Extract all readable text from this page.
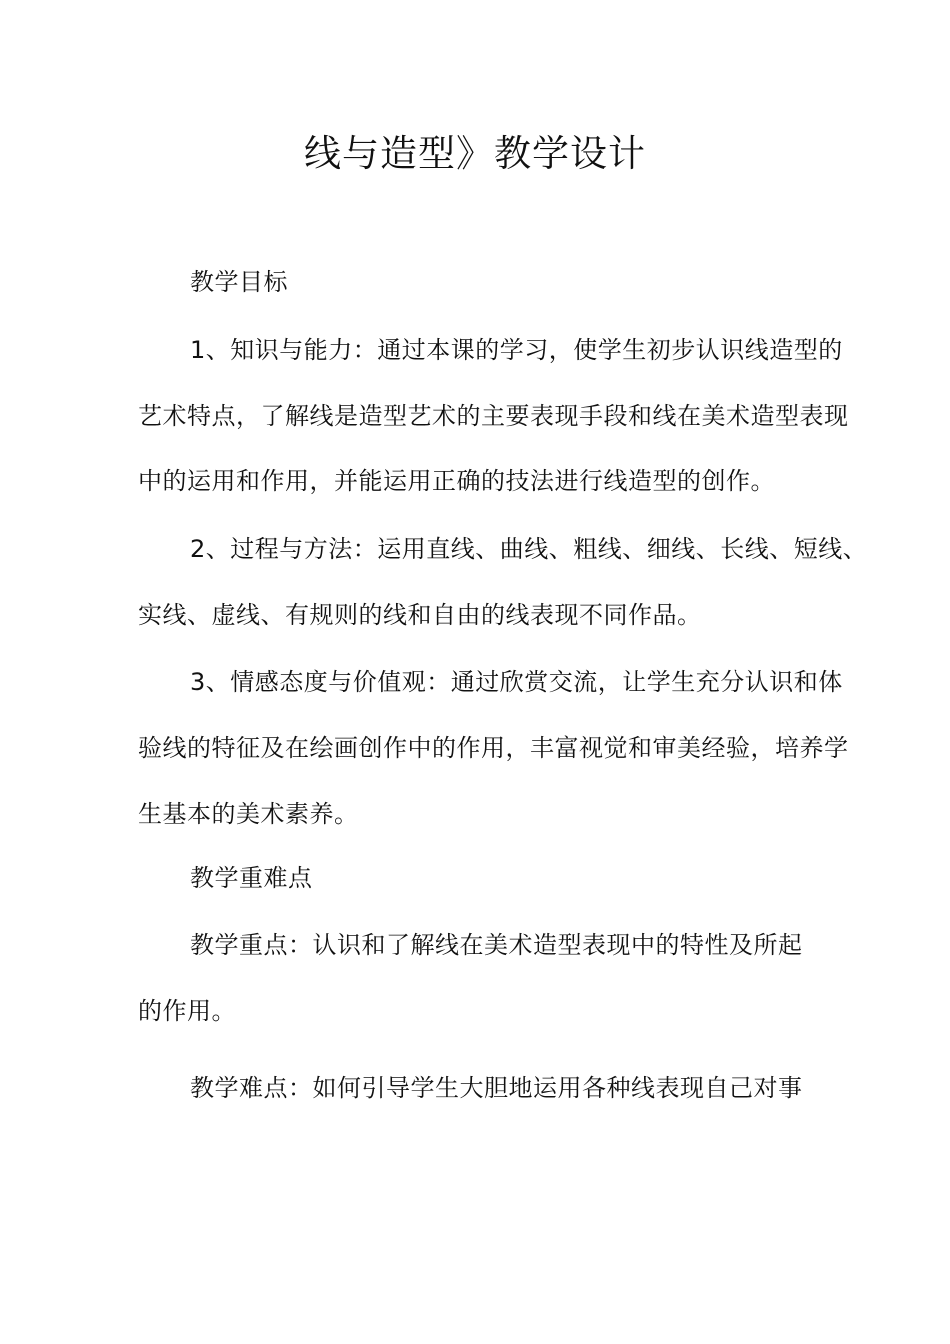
线与造型》教学设计
教学目标
1、知识与能力：通过本课的学习，使学生初步认识线造型的
艺术特点，了解线是造型艺术的主要表现手段和线在美术造型表现
中的运用和作用，并能运用正确的技法进行线造型的创作。
2、过程与方法：运用直线、曲线、粗线、细线、长线、短线、
实线、虚线、有规则的线和自由的线表现不同作品。
3、情感态度与价值观：通过欣赏交流，让学生充分认识和体
验线的特征及在绘画创作中的作用，丰富视觉和审美经验，培养学
生基本的美术素养。
教学重难点
教学重点：认识和了解线在美术造型表现中的特性及所起
的作用。
教学难点：如何引导学生大胆地运用各种线表现自己对事
